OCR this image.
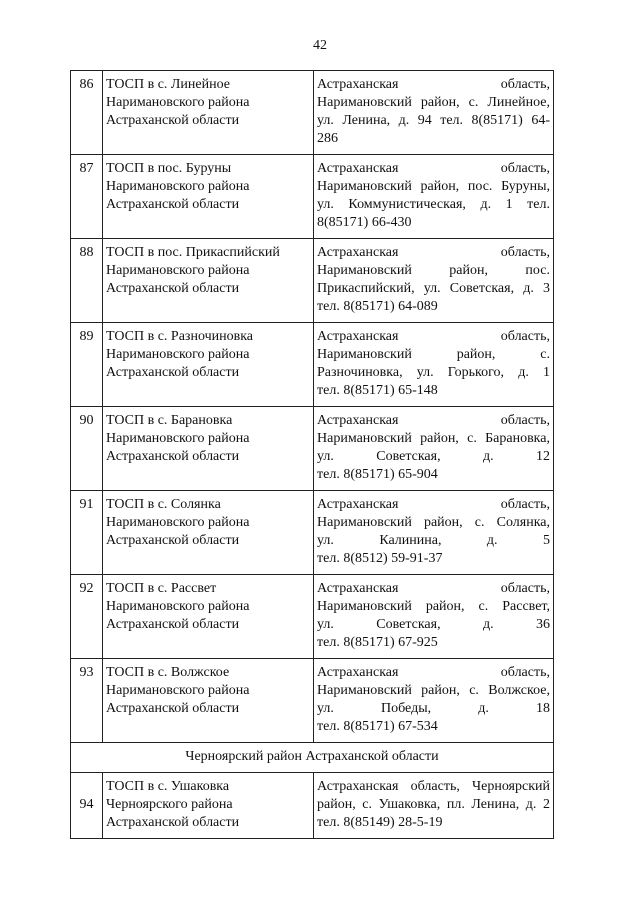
42
86	ТОСП в с. Линейное
Наримановского района
Астраханской области	Астраханская область,
Наримановский район, с. Линейное,
ул. Ленина, д. 94 тел. 8(85171) 64-
286

87	ТОСП в пос. Буруны
Наримановского района
Астраханской области	Астраханская область,
Наримановский район, пос. Буруны,
ул. Коммунистическая, д. 1 тел.
8(85171) 66-430

88	ТОСП в пос. Прикаспийский
Наримановского района
Астраханской области	Астраханская область,
Наримановский район, пос.
Прикаспийский, ул. Советская, д. 3
тел. 8(85171) 64-089

89	ТОСП в с. Разночиновка
Наримановского района
Астраханской области	Астраханская область,
Наримановский район, с.
Разночиновка, ул. Горького, д. 1
тел. 8(85171) 65-148

90	ТОСП в с. Барановка
Наримановского района
Астраханской области	Астраханская область,
Наримановский район, с. Барановка,
ул. Советская, д. 12
тел. 8(85171) 65-904

91	ТОСП в с. Солянка
Наримановского района
Астраханской области	Астраханская область,
Наримановский район, с. Солянка,
ул. Калинина, д. 5
тел. 8(8512) 59-91-37

92	ТОСП в с. Рассвет
Наримановского района
Астраханской области	Астраханская область,
Наримановский район, с. Рассвет,
ул. Советская, д. 36
тел. 8(85171) 67-925

93	ТОСП в с. Волжское
Наримановского района
Астраханской области	Астраханская область,
Наримановский район, с. Волжское,
ул. Победы, д. 18
тел. 8(85171) 67-534

Черноярский район Астраханской области		
94	ТОСП в с. Ушаковка
Черноярского района
Астраханской области	Астраханская область, Черноярский
район, с. Ушаковка, пл. Ленина, д. 2
тел. 8(85149) 28-5-19
